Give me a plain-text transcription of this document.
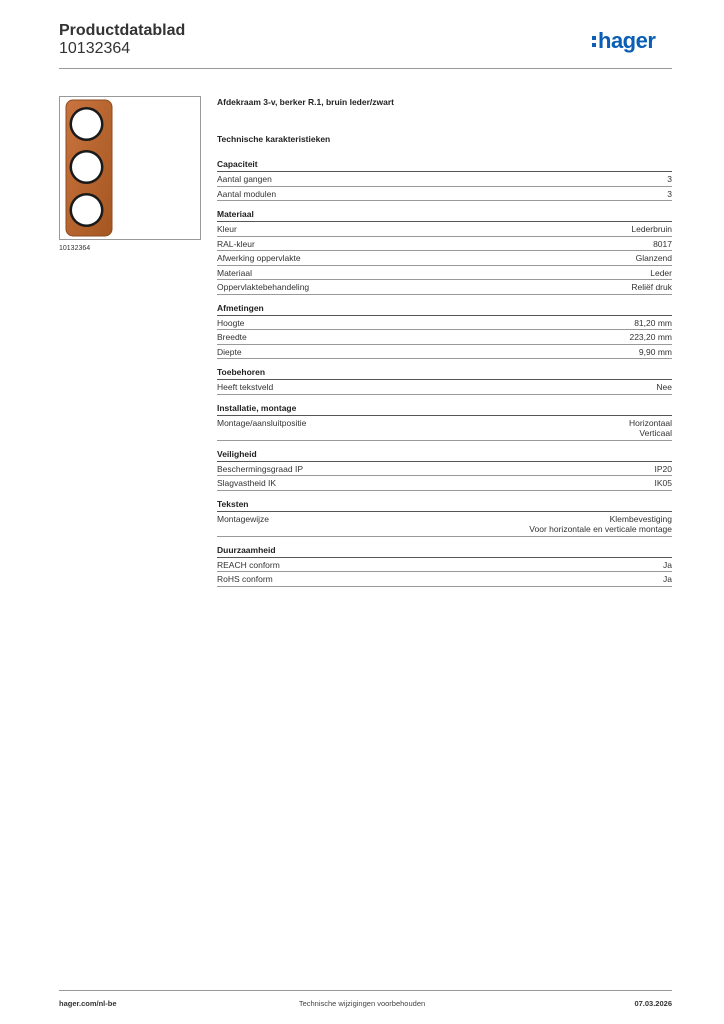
Productdatablad
10132364	hager
10132364
Afdekraam 3-v, berker R.1, bruin leder/zwart
Technische karakteristieken
Capaciteit
Aantal gangen	3
Aantal modulen	3
Materiaal
Kleur	Lederbruin
RAL-kleur	8017
Afwerking oppervlakte	Glanzend
Materiaal	Leder
Oppervlaktebehandeling	Reliëf druk
Afmetingen
Hoogte	81,20 mm
Breedte	223,20 mm
Diepte	9,90 mm
Toebehoren
Heeft tekstveld	Nee
Installatie, montage
Montage/aansluitpositie	Horizontaal
Verticaal
Veiligheid
Beschermingsgraad IP	IP20
Slagvastheid IK	IK05
Teksten
Montagewijze	Klembevestiging
Voor horizontale en verticale montage
Duurzaamheid
REACH conform	Ja
RoHS conform	Ja
hager.com/nl-be	Technische wijzigingen voorbehouden	07.03.2026
